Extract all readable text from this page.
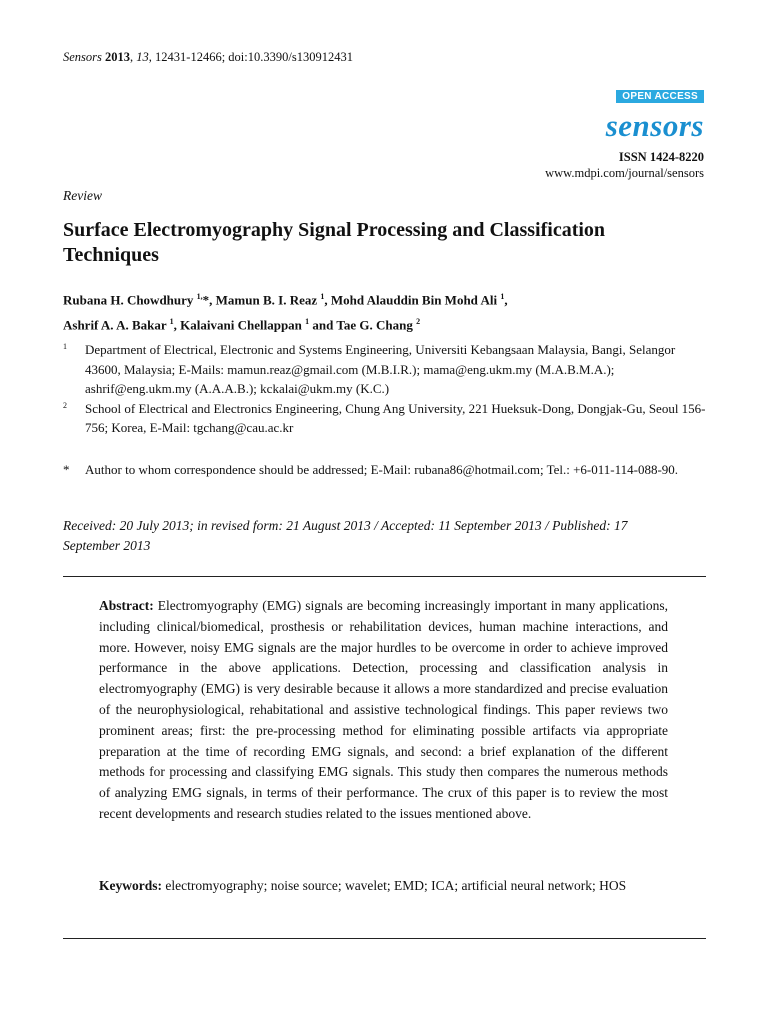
Sensors 2013, 13, 12431-12466; doi:10.3390/s130912431
OPEN ACCESS
sensors
ISSN 1424-8220
www.mdpi.com/journal/sensors
Review
Surface Electromyography Signal Processing and Classification Techniques
Rubana H. Chowdhury $^{1,}$*, Mamun B. I. Reaz $^1$, Mohd Alauddin Bin Mohd Ali $^1$,
Ashrif A. A. Bakar $^1$, Kalaivani Chellappan $^1$ and Tae G. Chang $^2$
1 Department of Electrical, Electronic and Systems Engineering, Universiti Kebangsaan Malaysia, Bangi, Selangor 43600, Malaysia; E-Mails: mamun.reaz@gmail.com (M.B.I.R.); mama@eng.ukm.my (M.A.B.M.A.); ashrif@eng.ukm.my (A.A.A.B.); kckalai@ukm.my (K.C.)
2 School of Electrical and Electronics Engineering, Chung Ang University, 221 Hueksuk-Dong, Dongjak-Gu, Seoul 156-756; Korea, E-Mail: tgchang@cau.ac.kr
* Author to whom correspondence should be addressed; E-Mail: rubana86@hotmail.com; Tel.: +6-011-114-088-90.
Received: 20 July 2013; in revised form: 21 August 2013 / Accepted: 11 September 2013 / Published: 17 September 2013
Abstract: Electromyography (EMG) signals are becoming increasingly important in many applications, including clinical/biomedical, prosthesis or rehabilitation devices, human machine interactions, and more. However, noisy EMG signals are the major hurdles to be overcome in order to achieve improved performance in the above applications. Detection, processing and classification analysis in electromyography (EMG) is very desirable because it allows a more standardized and precise evaluation of the neurophysiological, rehabitational and assistive technological findings. This paper reviews two prominent areas; first: the pre-processing method for eliminating possible artifacts via appropriate preparation at the time of recording EMG signals, and second: a brief explanation of the different methods for processing and classifying EMG signals. This study then compares the numerous methods of analyzing EMG signals, in terms of their performance. The crux of this paper is to review the most recent developments and research studies related to the issues mentioned above.
Keywords: electromyography; noise source; wavelet; EMD; ICA; artificial neural network; HOS
